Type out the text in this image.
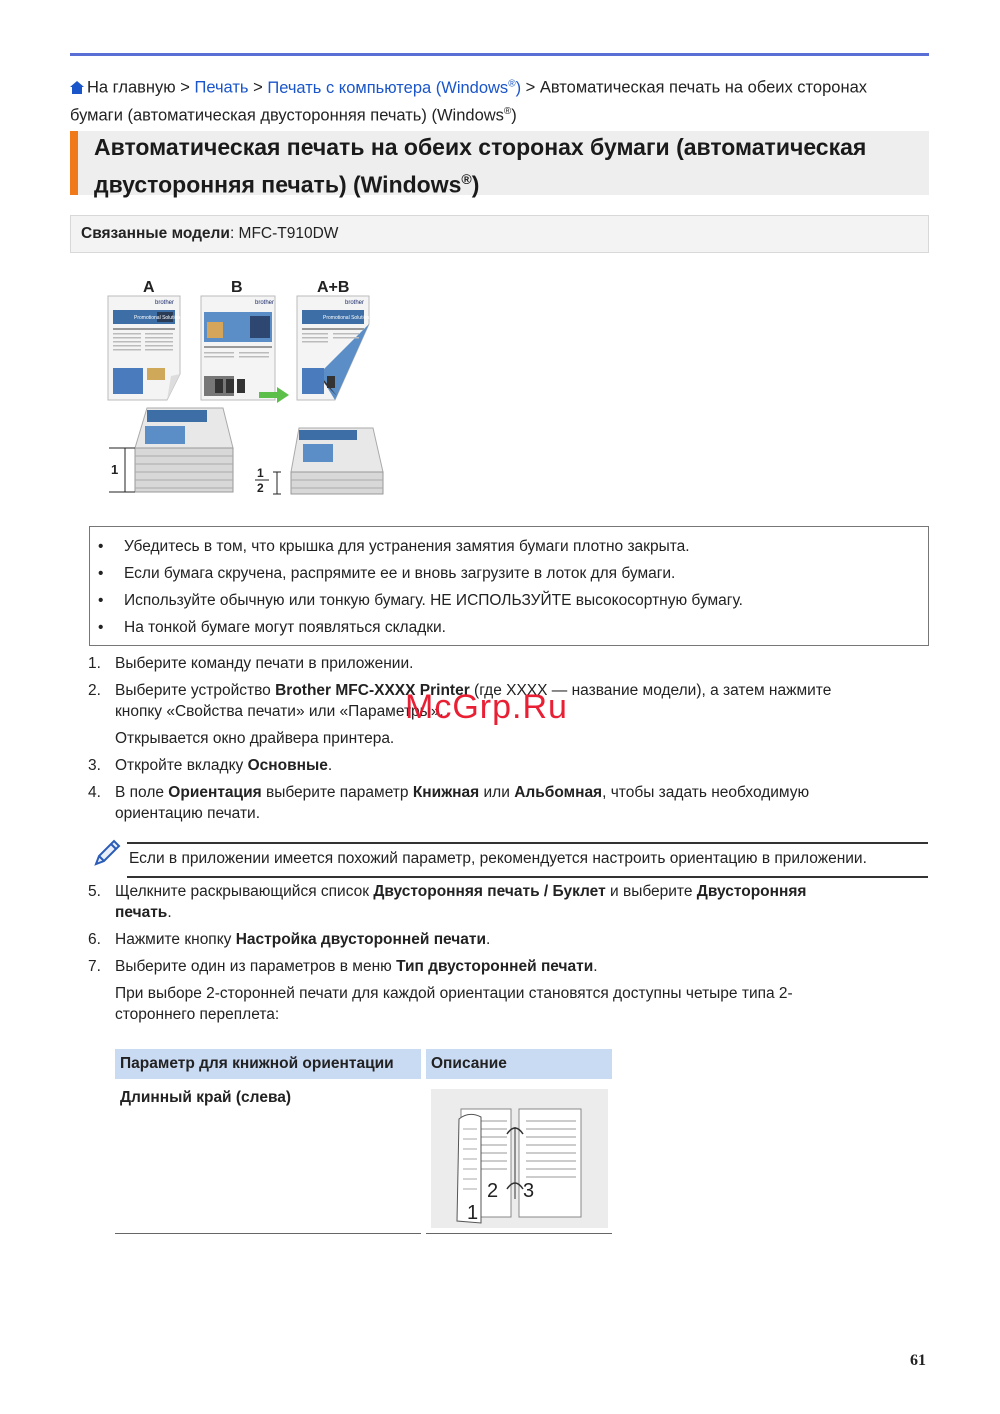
На главную > Печать > Печать с компьютера (Windows®) > Автоматическая печать на обеих сторонах
бумаги (автоматическая двусторонняя печать) (Windows®)
Автоматическая печать на обеих сторонах бумаги (автоматическая
двусторонняя печать) (Windows®)
Связанные модели: MFC-T910DW
A	B	A+B
Promotional Solutions
brother	brother
Promotional Solutions
brother
1	1
2
• Убедитесь в том, что крышка для устранения замятия бумаги плотно закрыта.
• Если бумага скручена, распрямите ее и вновь загрузите в лоток для бумаги.
• Используйте обычную или тонкую бумагу. НЕ ИСПОЛЬЗУЙТЕ высокосортную бумагу.
• На тонкой бумаге могут появляться складки.
1. Выберите команду печати в приложении.
2. Выберите устройство Brother MFC-XXXX Printer (где XXXX — название модели), а затем нажмите
кнопку «Свойства печати» или «Параметры».
McGrp.Ru
Открывается окно драйвера принтера.
3. Откройте вкладку Основные.
4. В поле Ориентация выберите параметр Книжная или Альбомная, чтобы задать необходимую
ориентацию печати.
Если в приложении имеется похожий параметр, рекомендуется настроить ориентацию в приложении.
5. Щелкните раскрывающийся список Двусторонняя печать / Буклет и выберите Двусторонняя
печать.
6. Нажмите кнопку Настройка двусторонней печати.
7. Выберите один из параметров в меню Тип двусторонней печати.
При выборе 2-сторонней печати для каждой ориентации становятся доступны четыре типа 2-
стороннего переплета:
Параметр для книжной ориентации	Описание
Длинный край (слева)
1
2 3
61
